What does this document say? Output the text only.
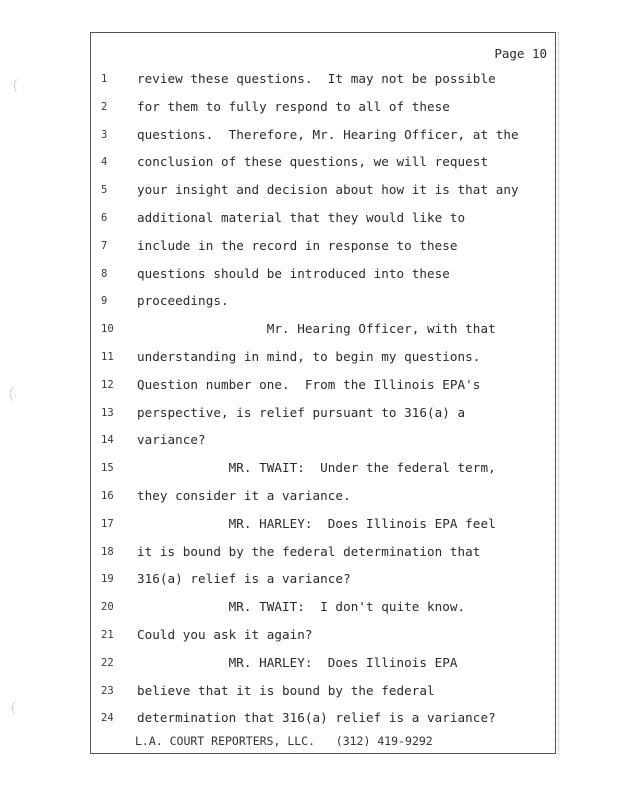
Page 10
1	review these questions.  It may not be possible
2	for them to fully respond to all of these
3	questions.  Therefore, Mr. Hearing Officer, at the
4	conclusion of these questions, we will request
5	your insight and decision about how it is that any
6	additional material that they would like to
7	include in the record in response to these
8	questions should be introduced into these
9	proceedings.
10	Mr. Hearing Officer, with that
11	understanding in mind, to begin my questions.
12	Question number one.  From the Illinois EPA's
13	perspective, is relief pursuant to 316(a) a
14	variance?
15	MR. TWAIT:  Under the federal term,
16	they consider it a variance.
17	MR. HARLEY:  Does Illinois EPA feel
18	it is bound by the federal determination that
19	316(a) relief is a variance?
20	MR. TWAIT:  I don't quite know.
21	Could you ask it again?
22	MR. HARLEY:  Does Illinois EPA
23	believe that it is bound by the federal
24	determination that 316(a) relief is a variance?
L.A. COURT REPORTERS, LLC.   (312) 419-9292
